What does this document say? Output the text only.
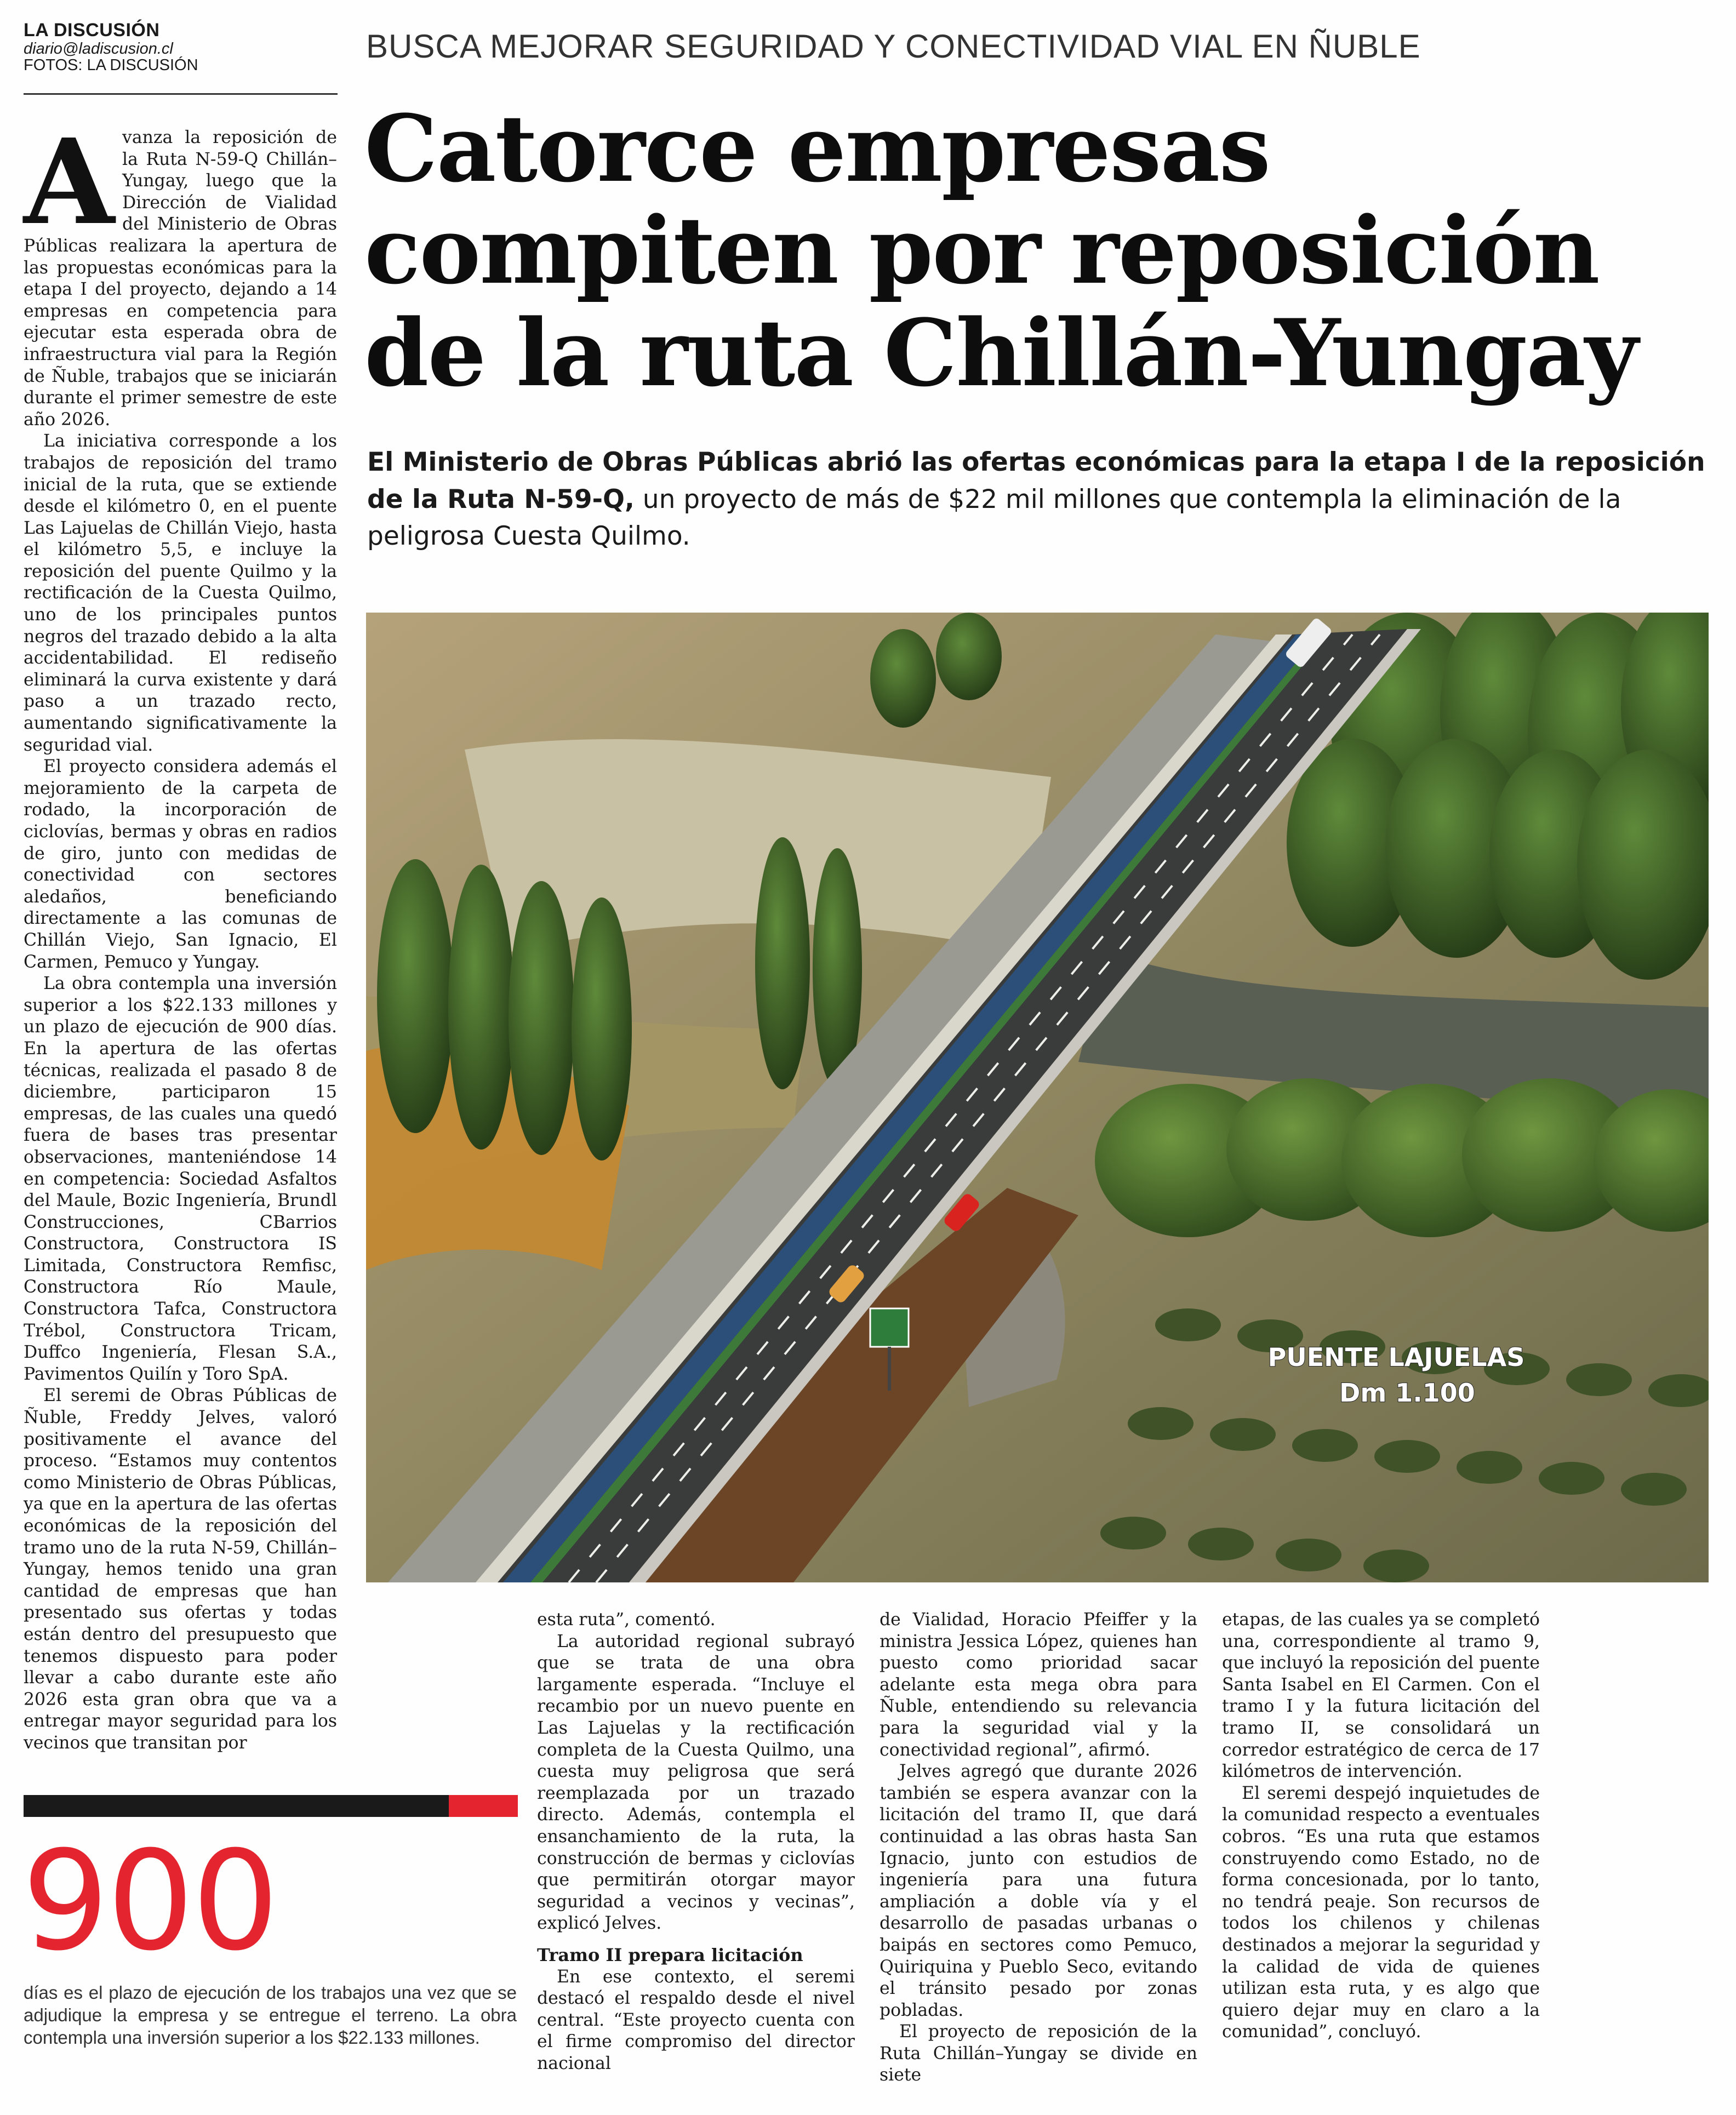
LA DISCUSIÓN
diario@ladiscusion.cl
FOTOS: LA DISCUSIÓN
BUSCA MEJORAR SEGURIDAD Y CONECTIVIDAD VIAL EN ÑUBLE
Catorce empresas
compiten por reposición
de la ruta Chillán-Yungay

El Ministerio de Obras Públicas abrió las ofertas económicas para la etapa I de la reposición de la Ruta N-59-Q, un proyecto de más de $22 mil millones que contempla la eliminación de la peligrosa Cuesta Quilmo.

PUENTE LAJUELAS
Dm 1.100

Avanza la reposición de la Ruta N-59-Q Chillán–Yungay, luego que la Dirección de Vialidad del Ministerio de Obras Públicas realizara la apertura de las propuestas económicas para la etapa I del proyecto, dejando a 14 empresas en competencia para ejecutar esta esperada obra de infraestructura vial para la Región de Ñuble, trabajos que se iniciarán durante el primer semestre de este año 2026.

La iniciativa corresponde a los trabajos de reposición del tramo inicial de la ruta, que se extiende desde el kilómetro 0, en el puente Las Lajuelas de Chillán Viejo, hasta el kilómetro 5,5, e incluye la reposición del puente Quilmo y la rectificación de la Cuesta Quilmo, uno de los principales puntos negros del trazado debido a la alta accidentabilidad. El rediseño eliminará la curva existente y dará paso a un trazado recto, aumentando significativamente la seguridad vial.

El proyecto considera además el mejoramiento de la carpeta de rodado, la incorporación de ciclovías, bermas y obras en radios de giro, junto con medidas de conectividad con sectores aledaños, beneficiando directamente a las comunas de Chillán Viejo, San Ignacio, El Carmen, Pemuco y Yungay.

La obra contempla una inversión superior a los $22.133 millones y un plazo de ejecución de 900 días. En la apertura de las ofertas técnicas, realizada el pasado 8 de diciembre, participaron 15 empresas, de las cuales una quedó fuera de bases tras presentar observaciones, manteniéndose 14 en competencia: Sociedad Asfaltos del Maule, Bozic Ingeniería, Brundl Construcciones, CBarrios Constructora, Constructora IS Limitada, Constructora Remfisc, Constructora Río Maule, Constructora Tafca, Constructora Trébol, Constructora Tricam, Duffco Ingeniería, Flesan S.A., Pavimentos Quilín y Toro SpA.

El seremi de Obras Públicas de Ñuble, Freddy Jelves, valoró positivamente el avance del proceso. “Estamos muy contentos como Ministerio de Obras Públicas, ya que en la apertura de las ofertas económicas de la reposición del tramo uno de la ruta N-59, Chillán–Yungay, hemos tenido una gran cantidad de empresas que han presentado sus ofertas y todas están dentro del presupuesto que tenemos dispuesto para poder llevar a cabo durante este año 2026 esta gran obra que va a entregar mayor seguridad para los vecinos que transitan por

esta ruta”, comentó.

La autoridad regional subrayó que se trata de una obra largamente esperada. “Incluye el recambio por un nuevo puente en Las Lajuelas y la rectificación completa de la Cuesta Quilmo, una cuesta muy peligrosa que será reemplazada por un trazado directo. Además, contempla el ensanchamiento de la ruta, la construcción de bermas y ciclovías que permitirán otorgar mayor seguridad a vecinos y vecinas”, explicó Jelves.

Tramo II prepara licitación

En ese contexto, el seremi destacó el respaldo desde el nivel central. “Este proyecto cuenta con el firme compromiso del director nacional

de Vialidad, Horacio Pfeiffer y la ministra Jessica López, quienes han puesto como prioridad sacar adelante esta mega obra para Ñuble, entendiendo su relevancia para la seguridad vial y la conectividad regional”, afirmó.

Jelves agregó que durante 2026 también se espera avanzar con la licitación del tramo II, que dará continuidad a las obras hasta San Ignacio, junto con estudios de ingeniería para una futura ampliación a doble vía y el desarrollo de pasadas urbanas o baipás en sectores como Pemuco, Quiriquina y Pueblo Seco, evitando el tránsito pesado por zonas pobladas.

El proyecto de reposición de la Ruta Chillán–Yungay se divide en siete

etapas, de las cuales ya se completó una, correspondiente al tramo 9, que incluyó la reposición del puente Santa Isabel en El Carmen. Con el tramo I y la futura licitación del tramo II, se consolidará un corredor estratégico de cerca de 17 kilómetros de intervención.

El seremi despejó inquietudes de la comunidad respecto a eventuales cobros. “Es una ruta que estamos construyendo como Estado, no de forma concesionada, por lo tanto, no tendrá peaje. Son recursos de todos los chilenos y chilenas destinados a mejorar la seguridad y la calidad de vida de quienes utilizan esta ruta, y es algo que quiero dejar muy en claro a la comunidad”, concluyó.

900
días es el plazo de ejecución de los trabajos una vez que se adjudique la empresa y se entregue el terreno. La obra contempla una inversión superior a los $22.133 millones.
